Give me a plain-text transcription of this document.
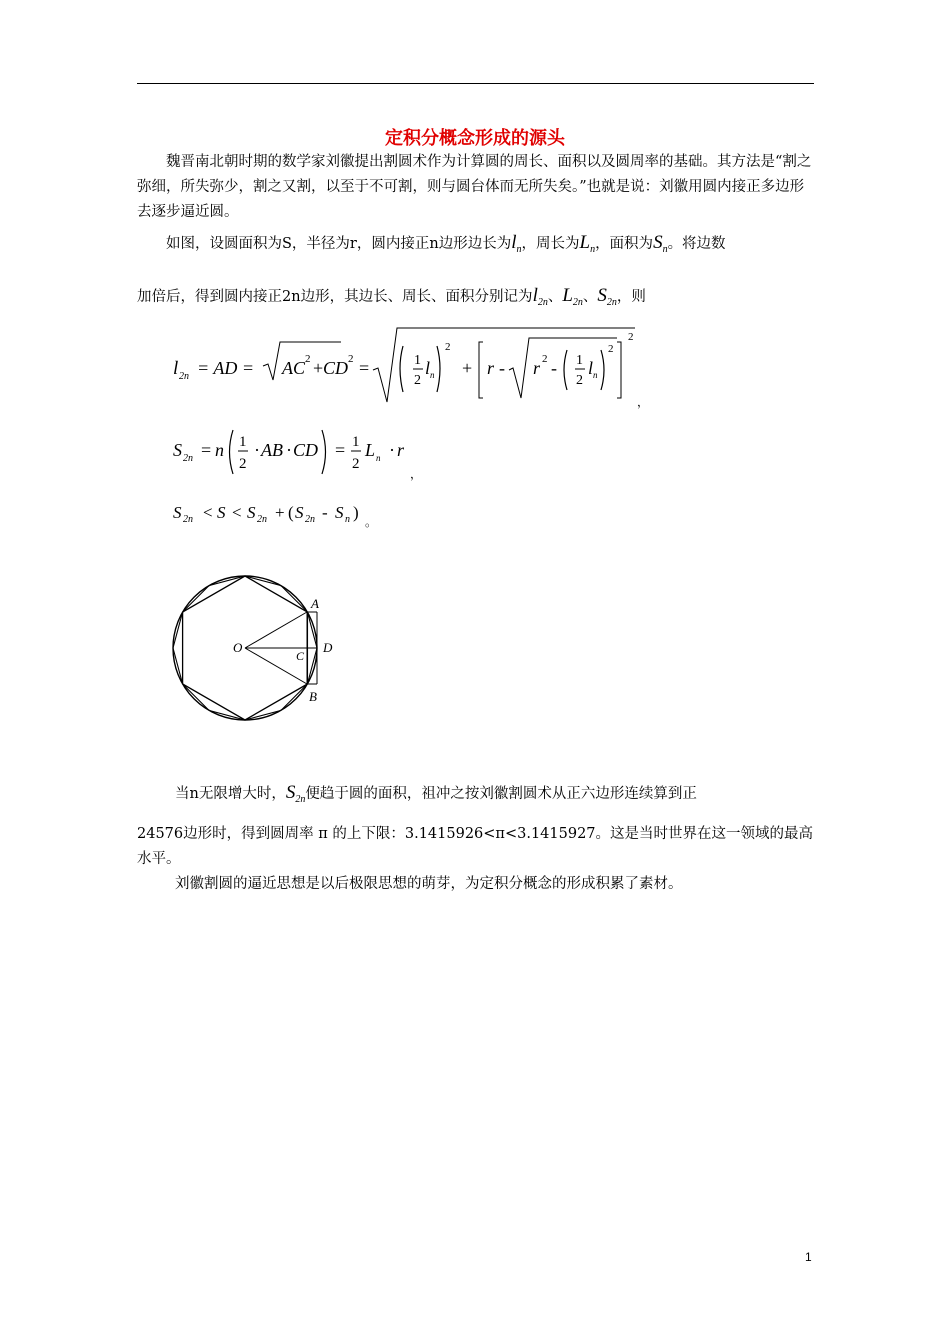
定积分概念形成的源头
魏晋南北朝时期的数学家刘徽提出割圆术作为计算圆的周长、面积以及圆周率的基础。其方法是“割之弥细，所失弥少，割之又割，以至于不可割，则与圆台体而无所失矣。”也就是说：刘徽用圆内接正多边形去逐步逼近圆。
如图，设圆面积为S，半径为r，圆内接正n边形边长为$l_n$，周长为$L_n$，面积为$S_n$。将边数
加倍后，得到圆内接正2n边形，其边长、周长、面积分别记为$l_{2n}$、$L_{2n}$、$S_{2n}$，则
l 2n = AD = AC 2 + CD 2 =	1
2
l n
2
+ r - r 2 - 1
2
l n
2
2
，
S 2n = n 1
2
· AB · CD = 1
2
L n · r
，
S 2n < S < S 2n + ( S 2n - S n ) 。
O
A
B
C
D
当n无限增大时，$S_{2n}$便趋于圆的面积，祖冲之按刘徽割圆术从正六边形连续算到正
24576边形时，得到圆周率 π 的上下限：3.1415926<π<3.1415927。这是当时世界在这一领域的最高水平。
刘徽割圆的逼近思想是以后极限思想的萌芽，为定积分概念的形成积累了素材。
1
